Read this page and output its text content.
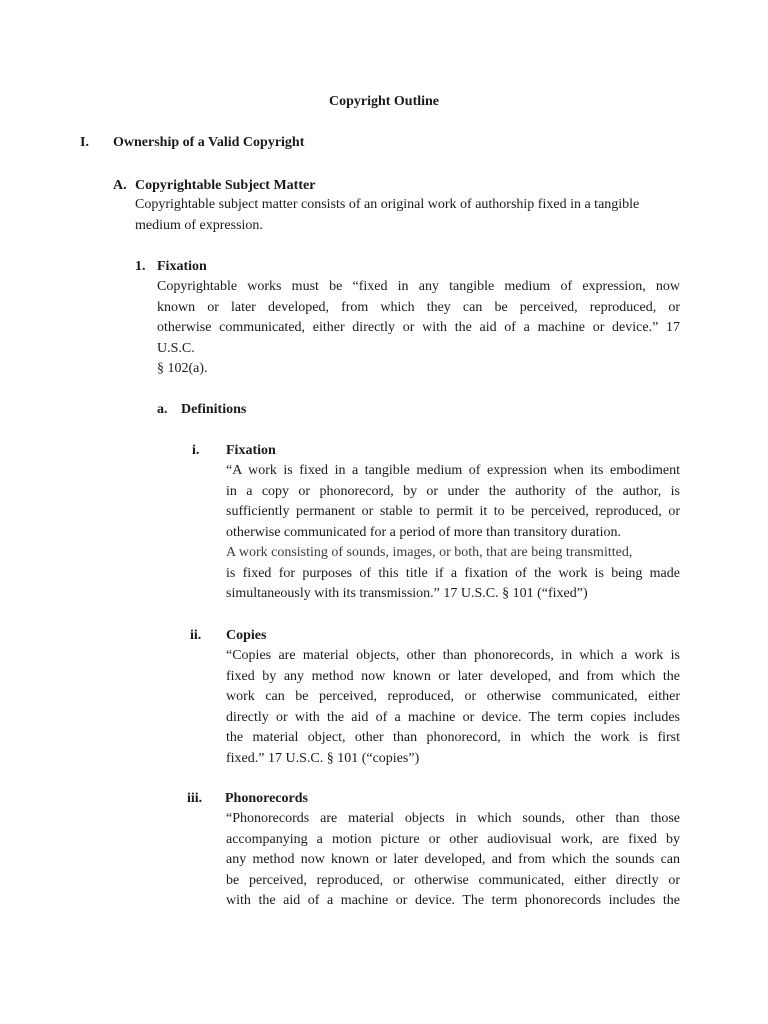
Copyright Outline
I. Ownership of a Valid Copyright
A. Copyrightable Subject Matter
Copyrightable subject matter consists of an original work of authorship fixed in a tangible
medium of expression.
1. Fixation
Copyrightable works must be “fixed in any tangible medium of expression, now
known or later developed, from which they can be perceived, reproduced, or
otherwise communicated, either directly or with the aid of a machine or device.” 17
U.S.C.
§ 102(a).
a. Definitions
i. Fixation
“A work is fixed in a tangible medium of expression when its embodiment
in a copy or phonorecord, by or under the authority of the author, is
sufficiently permanent or stable to permit it to be perceived, reproduced, or
otherwise communicated for a period of more than transitory duration.
A work consisting of sounds, images, or both, that are being transmitted,
is fixed for purposes of this title if a fixation of the work is being made
simultaneously with its transmission.” 17 U.S.C. § 101 (“fixed”)
ii. Copies
“Copies are material objects, other than phonorecords, in which a work is
fixed by any method now known or later developed, and from which the
work can be perceived, reproduced, or otherwise communicated, either
directly or with the aid of a machine or device. The term copies includes
the material object, other than phonorecord, in which the work is first
fixed.” 17 U.S.C. § 101 (“copies”)
iii. Phonorecords
“Phonorecords are material objects in which sounds, other than those
accompanying a motion picture or other audiovisual work, are fixed by
any method now known or later developed, and from which the sounds can
be perceived, reproduced, or otherwise communicated, either directly or
with the aid of a machine or device. The term phonorecords includes the
